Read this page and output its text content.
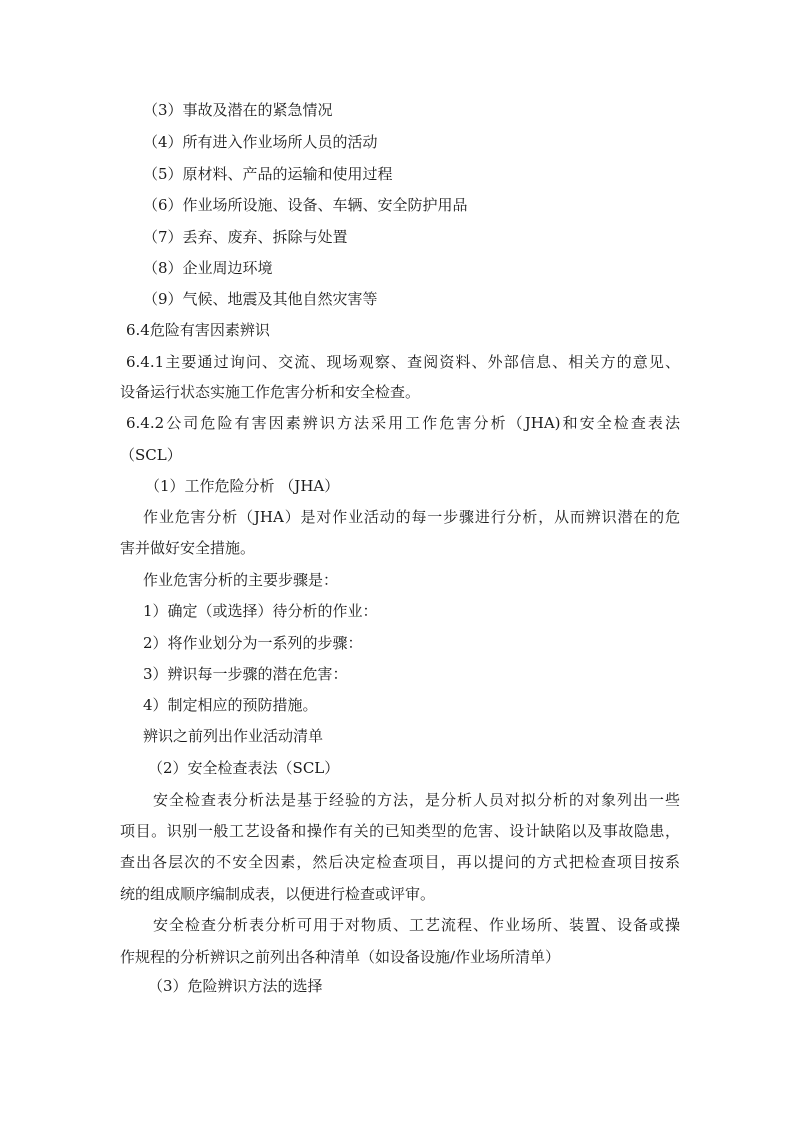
（3）事故及潜在的紧急情况
（4）所有进入作业场所人员的活动
（5）原材料、产品的运输和使用过程
（6）作业场所设施、设备、车辆、安全防护用品
（7）丢弃、废弃、拆除与处置
（8）企业周边环境
（9）气候、地震及其他自然灾害等
6.4危险有害因素辨识
6.4.1主要通过询问、交流、现场观察、查阅资料、外部信息、相关方的意见、
设备运行状态实施工作危害分析和安全检查。
6.4.2公司危险有害因素辨识方法采用工作危害分析（JHA)和安全检查表法
（SCL）
（1）工作危险分析 （JHA）
作业危害分析（JHA）是对作业活动的每一步骤进行分析，从而辨识潜在的危
害并做好安全措施。
作业危害分析的主要步骤是：
1）确定（或选择）待分析的作业：
2）将作业划分为一系列的步骤：
3）辨识每一步骤的潜在危害：
4）制定相应的预防措施。
辨识之前列出作业活动清单
（2）安全检查表法（SCL）
安全检查表分析法是基于经验的方法，是分析人员对拟分析的对象列出一些
项目。识别一般工艺设备和操作有关的已知类型的危害、设计缺陷以及事故隐患，
查出各层次的不安全因素，然后决定检查项目，再以提问的方式把检查项目按系
统的组成顺序编制成表，以便进行检查或评审。
安全检查分析表分析可用于对物质、工艺流程、作业场所、装置、设备或操
作规程的分析辨识之前列出各种清单（如设备设施/作业场所清单）
（3）危险辨识方法的选择
